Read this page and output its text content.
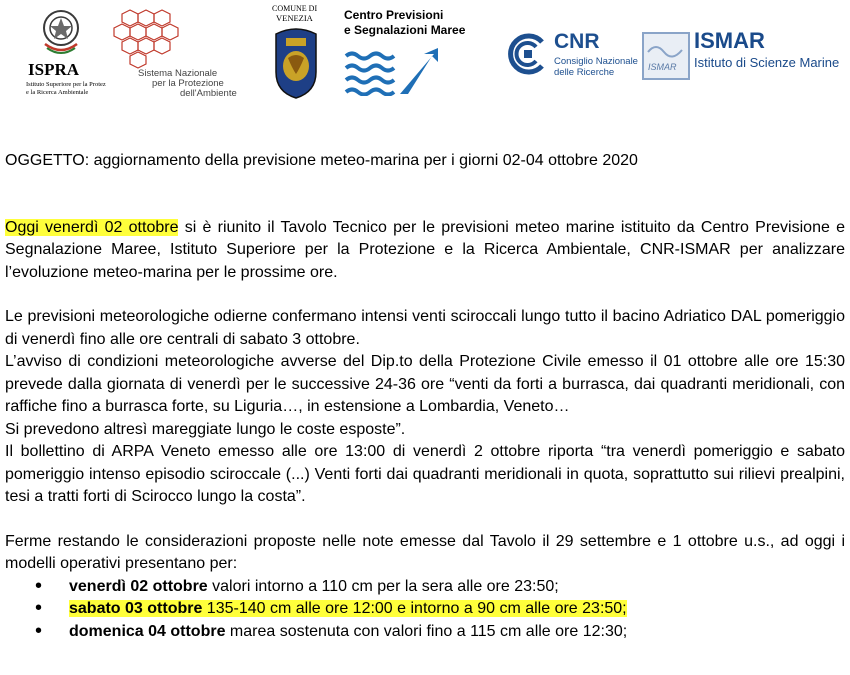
ISPRA
Istituto Superiore per la Protez
e la Ricerca Ambientale
Sistema Nazionale
per la Protezione
dell'Ambiente
COMUNE DI
VENEZIA	Centro Previsioni
e Segnalazioni Maree	CNR
Consiglio Nazionale
delle Ricerche	ISMAR
ISMAR
Istituto di Scienze Marine

OGGETTO: aggiornamento della previsione meteo-marina per i giorni 02-04 ottobre 2020

Oggi venerdì 02 ottobre si è riunito il Tavolo Tecnico per le previsioni meteo marine istituito da Centro Previsione e Segnalazione Maree, Istituto Superiore per la Protezione e la Ricerca Ambientale, CNR-ISMAR per analizzare l’evoluzione meteo-marina per le prossime ore.

Le previsioni meteorologiche odierne confermano intensi venti sciroccali lungo tutto il bacino Adriatico DAL pomeriggio di venerdì fino alle ore centrali di sabato 3 ottobre.

L’avviso di condizioni meteorologiche avverse del Dip.to della Protezione Civile emesso il 01 ottobre alle ore 15:30 prevede dalla giornata di venerdì per le successive 24-36 ore “venti da forti a burrasca, dai quadranti meridionali, con raffiche fino a burrasca forte, su Liguria…, in estensione a Lombardia, Veneto…

Si prevedono altresì mareggiate lungo le coste esposte”.

Il bollettino di ARPA Veneto emesso alle ore 13:00 di venerdì 2 ottobre riporta “tra venerdì pomeriggio e sabato pomeriggio intenso episodio sciroccale (...) Venti forti dai quadranti meridionali in quota, soprattutto sui rilievi prealpini, tesi a tratti forti di Scirocco lungo la costa”.

Ferme restando le considerazioni proposte nelle note emesse dal Tavolo il 29 settembre e 1 ottobre u.s., ad oggi i modelli operativi presentano per:

• venerdì 02 ottobre valori intorno a 110 cm per la sera alle ore 23:50;
• sabato 03 ottobre 135-140 cm alle ore 12:00 e intorno a 90 cm alle ore 23:50;
• domenica 04 ottobre marea sostenuta con valori fino a 115 cm alle ore 12:30;
